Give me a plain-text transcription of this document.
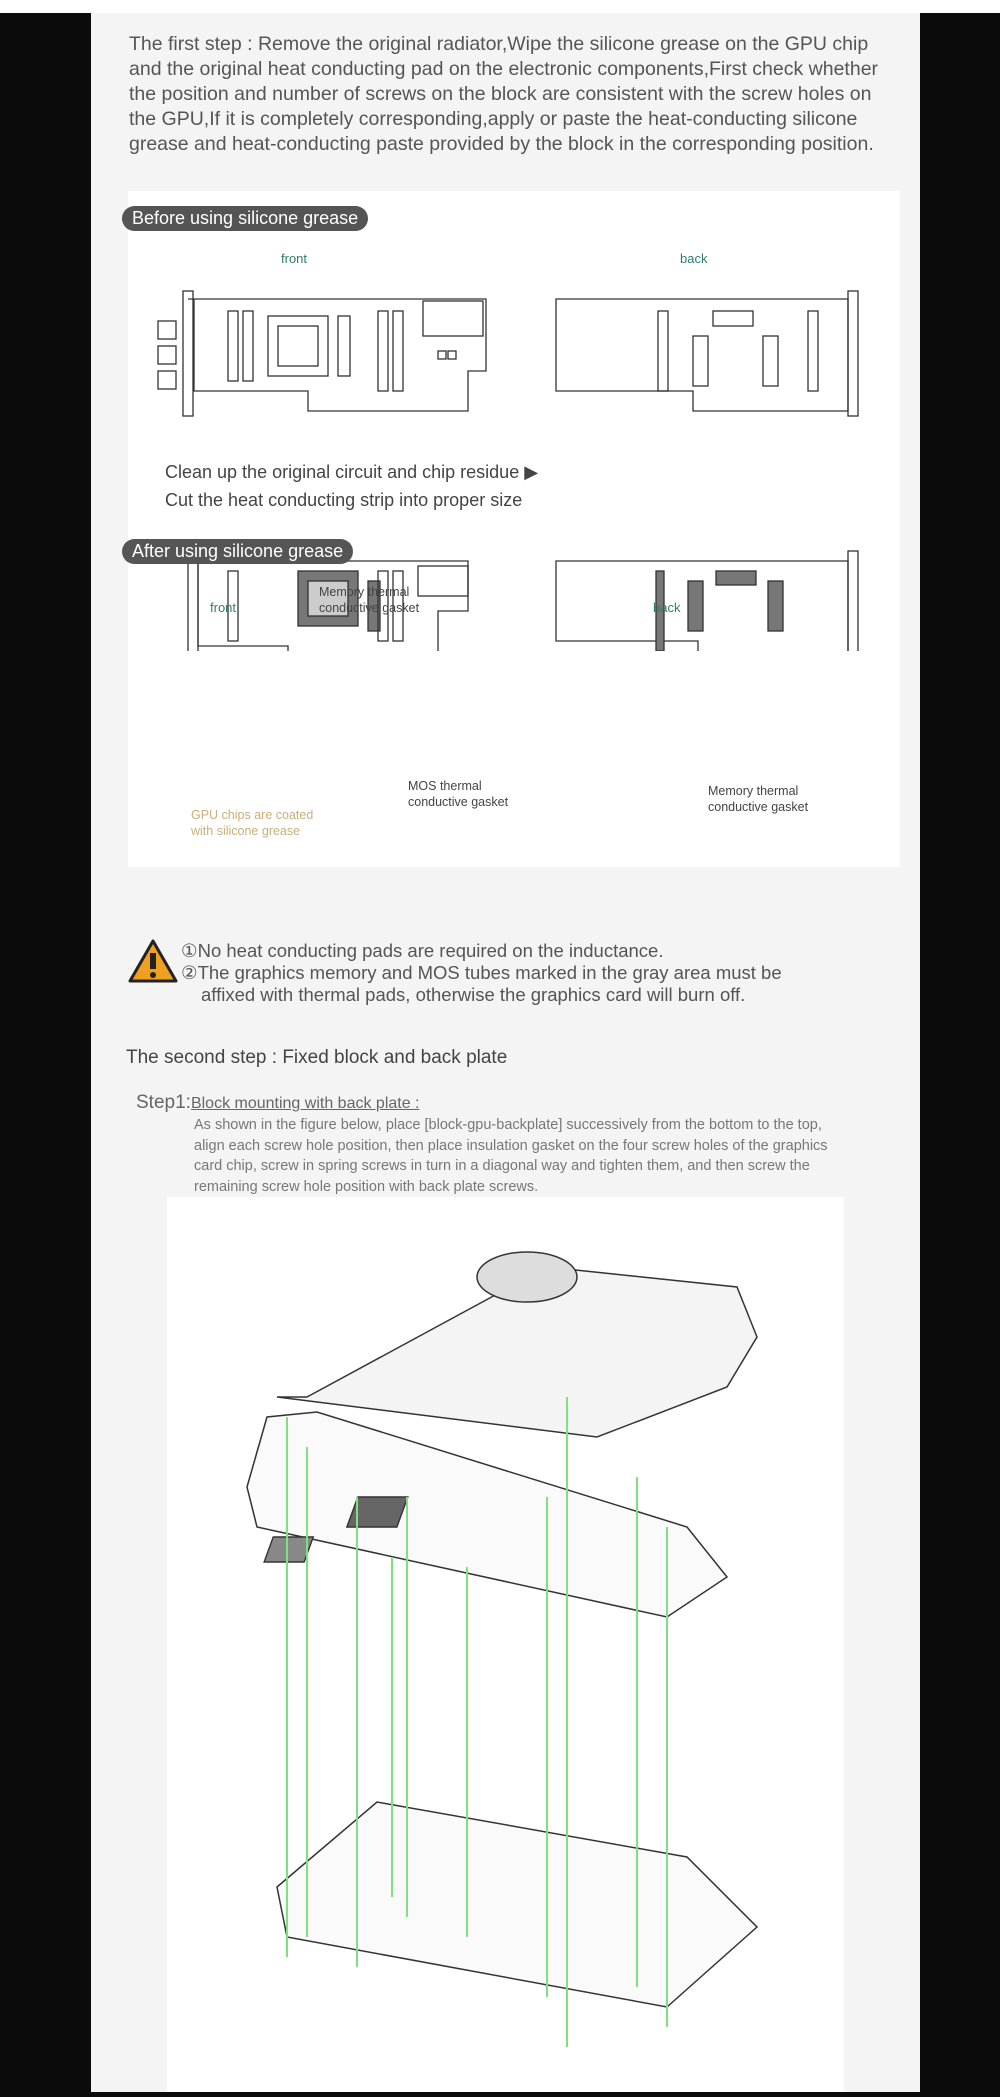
The first step : Remove the original radiator,Wipe the silicone grease on the GPU chip and the original heat conducting pad on the electronic components,First check whether the position and number of screws on the block are consistent with the screw holes on the GPU,If it is completely corresponding,apply or paste the heat-conducting silicone grease and heat-conducting paste provided by the block in the corresponding position.

Before using silicone grease
front	back
Clean up the original circuit and chip residue ▶
Cut the heat conducting strip into proper size
After using silicone grease
front	back
Memory thermal conductive gasket
MOS thermal conductive gasket
GPU chips are coated with silicone grease
Memory thermal conductive gasket
①No heat conducting pads are required on the inductance.
②The graphics memory and MOS tubes marked in the gray area must be
affixed with thermal pads, otherwise the graphics card will burn off.
The second step : Fixed block and back plate
Step1:Block mounting with back plate :

As shown in the figure below, place [block-gpu-backplate] successively from the bottom to the top, align each screw hole position, then place insulation gasket on the four screw holes of the graphics card chip, screw in spring screws in turn in a diagonal way and tighten them, and then screw the remaining screw hole position with back plate screws.
